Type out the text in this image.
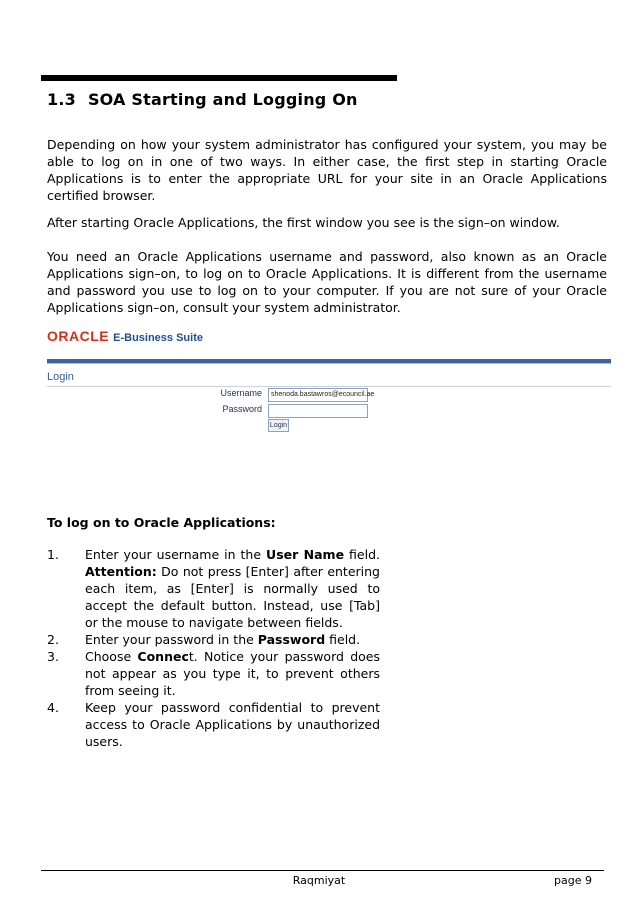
1.3 SOA Starting and Logging On

Depending on how your system administrator has configured your system, you may be able to log on in one of two ways. In either case, the first step in starting Oracle Applications is to enter the appropriate URL for your site in an Oracle Applications certified browser.

After starting Oracle Applications, the first window you see is the sign–on window.

You need an Oracle Applications username and password, also known as an Oracle Applications sign–on, to log on to Oracle Applications. It is different from the username and password you use to log on to your computer. If you are not sure of your Oracle Applications sign–on, consult your system administrator.

ORACLE E-Business Suite
Login
Username	shenoda.bastawros@ecouncil.ae
Password
Login
To log on to Oracle Applications:
1.	Enter your username in the User Name field. Attention: Do not press [Enter] after entering each item, as [Enter] is normally used to accept the default button. Instead, use [Tab] or the mouse to navigate between fields.
2.	Enter your password in the Password field.
3.	Choose Connect. Notice your password does not appear as you type it, to prevent others from seeing it.
4.	Keep your password confidential to prevent access to Oracle Applications by unauthorized users.
Raqmiyat	page 9
